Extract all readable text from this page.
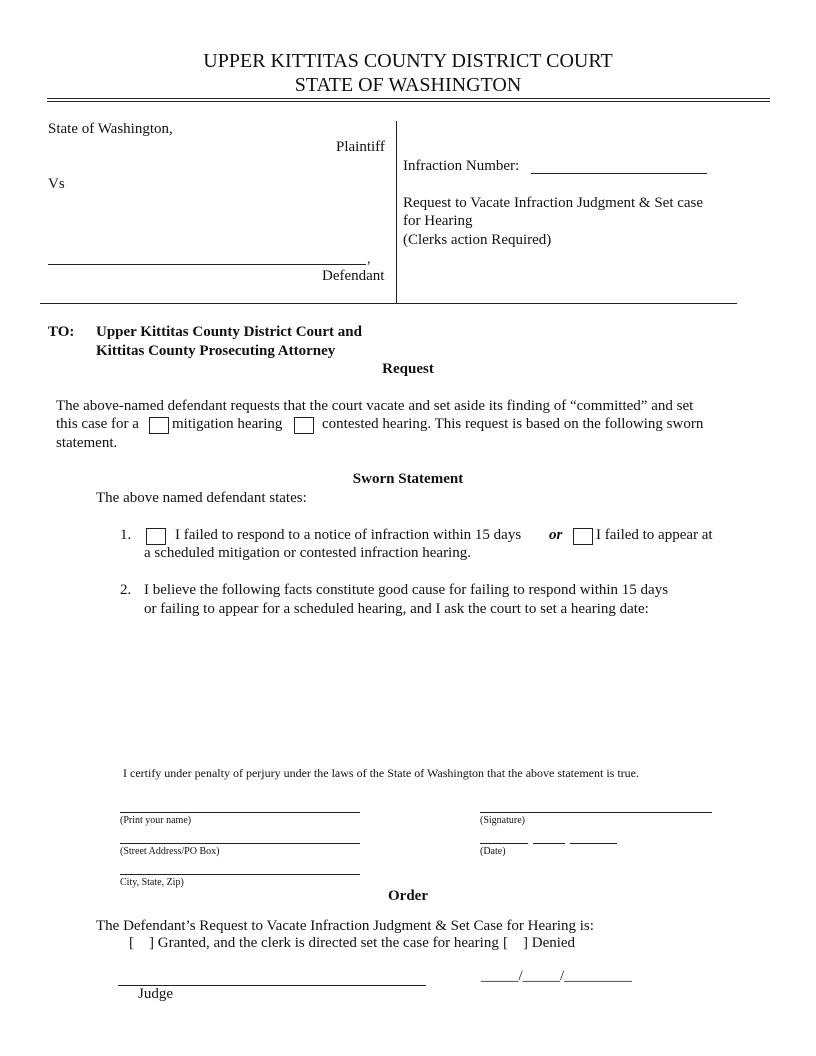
UPPER KITTITAS COUNTY DISTRICT COURT
STATE OF WASHINGTON
State of Washington,
Plaintiff
Vs
,
Defendant
Infraction Number:
Request to Vacate Infraction Judgment & Set case
for Hearing
(Clerks action Required)
TO: Upper Kittitas County District Court and
Kittitas County Prosecuting Attorney
Request
The above-named defendant requests that the court vacate and set aside its finding of “committed” and set
this case for a mitigation hearing	contested hearing. This request is based on the following sworn
statement.
Sworn Statement
The above named defendant states:
1.	I failed to respond to a notice of infraction within 15 days or I failed to appear at
a scheduled mitigation or contested infraction hearing.
2. I believe the following facts constitute good cause for failing to respond within 15 days
or failing to appear for a scheduled hearing, and I ask the court to set a hearing date:
I certify under penalty of perjury under the laws of the State of Washington that the above statement is true.
(Print your name)	(Signature)
(Street Address/PO Box)	(Date)
City, State, Zip)
Order
The Defendant’s Request to Vacate Infraction Judgment & Set Case for Hearing is:
[    ] Granted, and the clerk is directed set the case for hearing [    ] Denied
Judge
_____/_____/_________
